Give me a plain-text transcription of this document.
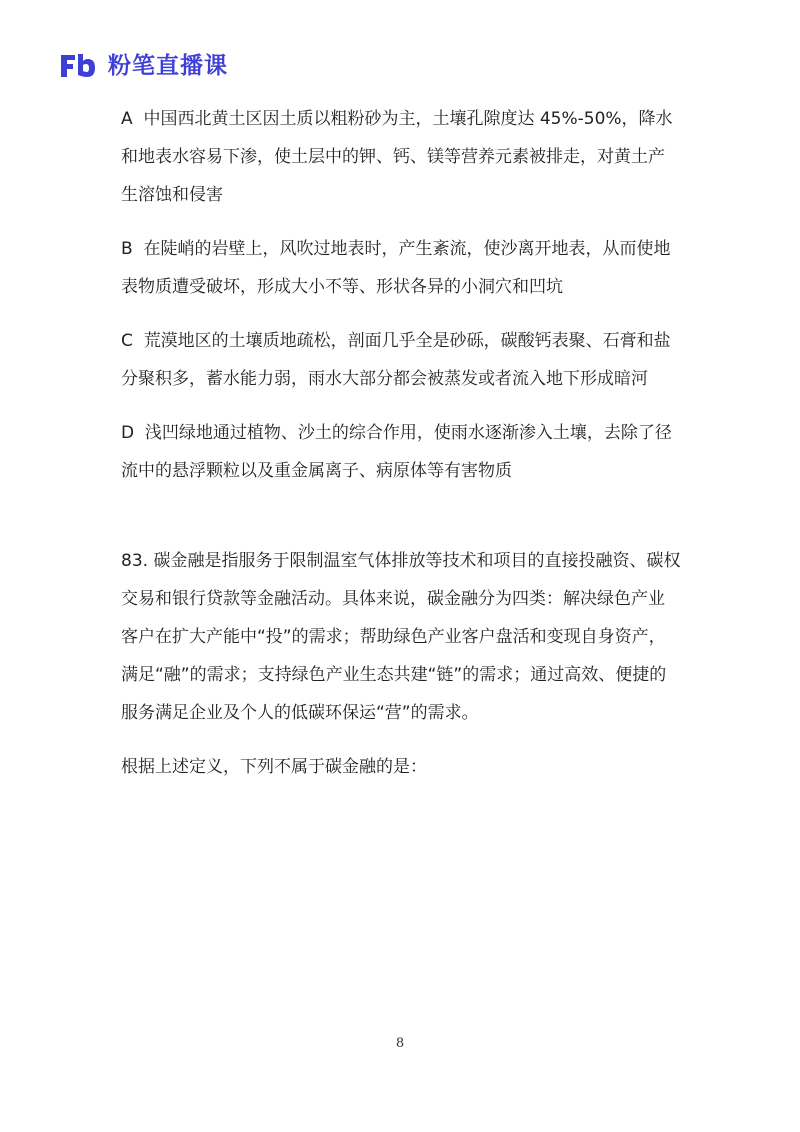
粉笔直播课

A 中国西北黄土区因土质以粗粉砂为主，土壤孔隙度达 45%-50%，降水和地表水容易下渗，使土层中的钾、钙、镁等营养元素被排走，对黄土产生溶蚀和侵害

B 在陡峭的岩壁上，风吹过地表时，产生紊流，使沙离开地表，从而使地表物质遭受破坏，形成大小不等、形状各异的小洞穴和凹坑

C 荒漠地区的土壤质地疏松，剖面几乎全是砂砾，碳酸钙表聚、石膏和盐分聚积多，蓄水能力弱，雨水大部分都会被蒸发或者流入地下形成暗河

D 浅凹绿地通过植物、沙土的综合作用，使雨水逐渐渗入土壤，去除了径流中的悬浮颗粒以及重金属离子、病原体等有害物质

83. 碳金融是指服务于限制温室气体排放等技术和项目的直接投融资、碳权交易和银行贷款等金融活动。具体来说，碳金融分为四类：解决绿色产业客户在扩大产能中“投”的需求；帮助绿色产业客户盘活和变现自身资产，满足“融”的需求；支持绿色产业生态共建“链”的需求；通过高效、便捷的服务满足企业及个人的低碳环保运“营”的需求。

根据上述定义，下列不属于碳金融的是：

8
